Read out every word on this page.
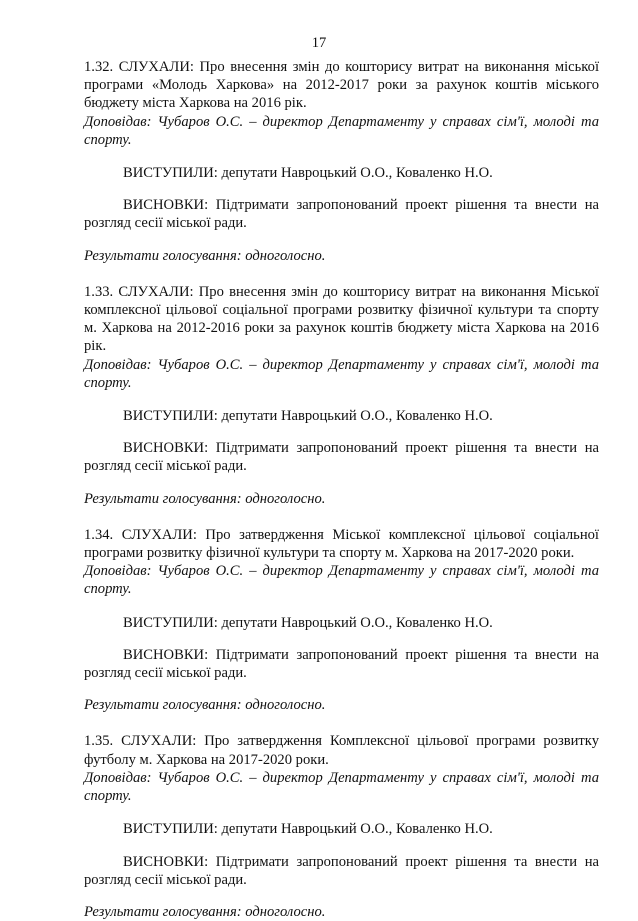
17

1.32. СЛУХАЛИ: Про внесення змін до кошторису витрат на виконання міської програми «Молодь Харкова» на 2012-2017 роки за рахунок коштів міського бюджету міста Харкова на 2016 рік.

Доповідав: Чубаров О.С. – директор Департаменту у справах сім'ї, молоді та спорту.

ВИСТУПИЛИ: депутати Навроцький О.О., Коваленко Н.О.

ВИСНОВКИ: Підтримати запропонований проект рішення та внести на розгляд сесії міської ради.

Результати голосування: одноголосно.

1.33. СЛУХАЛИ: Про внесення змін до кошторису витрат на виконання Міської комплексної цільової соціальної програми розвитку фізичної культури та спорту м. Харкова на 2012-2016 роки за рахунок коштів бюджету міста Харкова на 2016 рік.

Доповідав: Чубаров О.С. – директор Департаменту у справах сім'ї, молоді та спорту.

ВИСТУПИЛИ: депутати Навроцький О.О., Коваленко Н.О.

ВИСНОВКИ: Підтримати запропонований проект рішення та внести на розгляд сесії міської ради.

Результати голосування: одноголосно.

1.34. СЛУХАЛИ: Про затвердження Міської комплексної цільової соціальної програми розвитку фізичної культури та спорту м. Харкова на 2017-2020 роки.

Доповідав: Чубаров О.С. – директор Департаменту у справах сім'ї, молоді та спорту.

ВИСТУПИЛИ: депутати Навроцький О.О., Коваленко Н.О.

ВИСНОВКИ: Підтримати запропонований проект рішення та внести на розгляд сесії міської ради.

Результати голосування: одноголосно.

1.35. СЛУХАЛИ: Про затвердження Комплексної цільової програми розвитку футболу м. Харкова на 2017-2020 роки.

Доповідав: Чубаров О.С. – директор Департаменту у справах сім'ї, молоді та спорту.

ВИСТУПИЛИ: депутати Навроцький О.О., Коваленко Н.О.

ВИСНОВКИ: Підтримати запропонований проект рішення та внести на розгляд сесії міської ради.

Результати голосування: одноголосно.
